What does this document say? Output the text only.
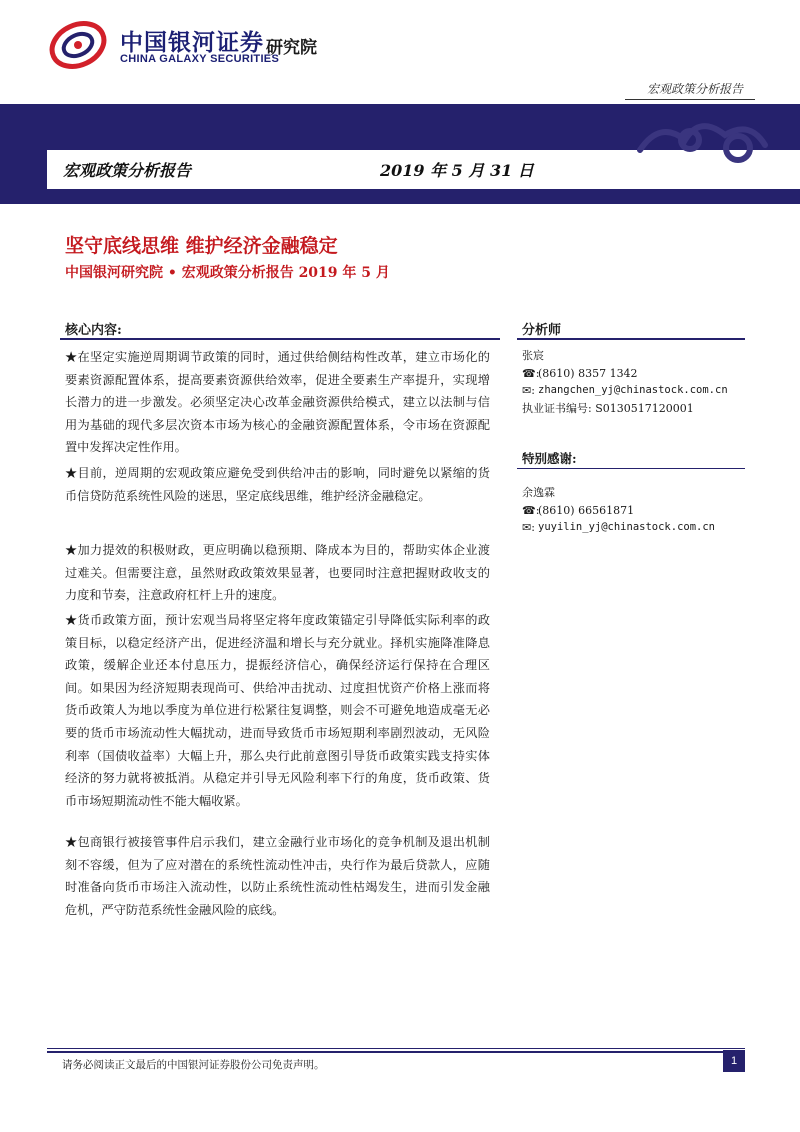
中国银河证券
CHINA GALAXY SECURITIES
研究院
宏观政策分析报告
宏观政策分析报告	2019 年 5 月 31 日
坚守底线思维 维护经济金融稳定
中国银河研究院 • 宏观政策分析报告 2019 年 5 月
核心内容:
★在坚定实施逆周期调节政策的同时，通过供给侧结构性改革，建立市场化的要素资源配置体系，提高要素资源供给效率，促进全要素生产率提升，实现增长潜力的进一步激发。必须坚定决心改革金融资源供给模式，建立以法制与信用为基础的现代多层次资本市场为核心的金融资源配置体系，令市场在资源配置中发挥决定性作用。
★目前，逆周期的宏观政策应避免受到供给冲击的影响，同时避免以紧缩的货币信贷防范系统性风险的迷思，坚定底线思维，维护经济金融稳定。
★加力提效的积极财政，更应明确以稳预期、降成本为目的，帮助实体企业渡过难关。但需要注意，虽然财政政策效果显著，也要同时注意把握财政收支的力度和节奏，注意政府杠杆上升的速度。
★货币政策方面，预计宏观当局将坚定将年度政策锚定引导降低实际利率的政策目标，以稳定经济产出，促进经济温和增长与充分就业。择机实施降准降息政策，缓解企业还本付息压力，提振经济信心，确保经济运行保持在合理区间。如果因为经济短期表现尚可、供给冲击扰动、过度担忧资产价格上涨而将货币政策人为地以季度为单位进行松紧往复调整，则会不可避免地造成毫无必要的货币市场流动性大幅扰动，进而导致货币市场短期利率剧烈波动，无风险利率（国债收益率）大幅上升，那么央行此前意图引导货币政策实践支持实体经济的努力就将被抵消。从稳定并引导无风险利率下行的角度，货币政策、货币市场短期流动性不能大幅收紧。
★包商银行被接管事件启示我们，建立金融行业市场化的竞争机制及退出机制刻不容缓，但为了应对潜在的系统性流动性冲击，央行作为最后贷款人，应随时准备向货币市场注入流动性，以防止系统性流动性枯竭发生，进而引发金融危机，严守防范系统性金融风险的底线。
分析师
张宸
☎:
(8610) 8357 1342
✉: zhangchen_yj@chinastock.com.cn
执业证书编号: S0130517120001
特别感谢:
余逸霖
☎:
(8610) 66561871
✉: yuyilin_yj@chinastock.com.cn
请务必阅读正文最后的中国银河证券股份公司免责声明。	1
